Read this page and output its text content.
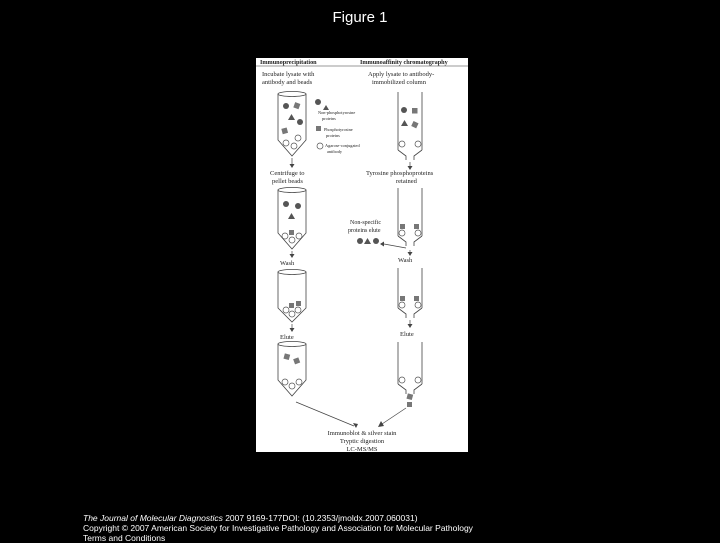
Figure 1
Immunoprecipitation	Immunoaffinity chromatography
Incubate lysate with
antibody and beads
Non-phosphotyrosine
proteins
Phosphotyrosine
proteins
Agarose-conjugated
antibody
Centrifuge to
pellet beads
Wash
Elute
Apply lysate to antibody-
immobilized column
Tyrosine phosphoproteins
retained
Non-specific
proteins elute
Wash
Elute
Immunoblot & silver stain
Tryptic digestion
LC-MS/MS
The Journal of Molecular Diagnostics 2007 9169-177DOI: (10.2353/jmoldx.2007.060031)
Copyright © 2007 American Society for Investigative Pathology and Association for Molecular Pathology
Terms and Conditions
